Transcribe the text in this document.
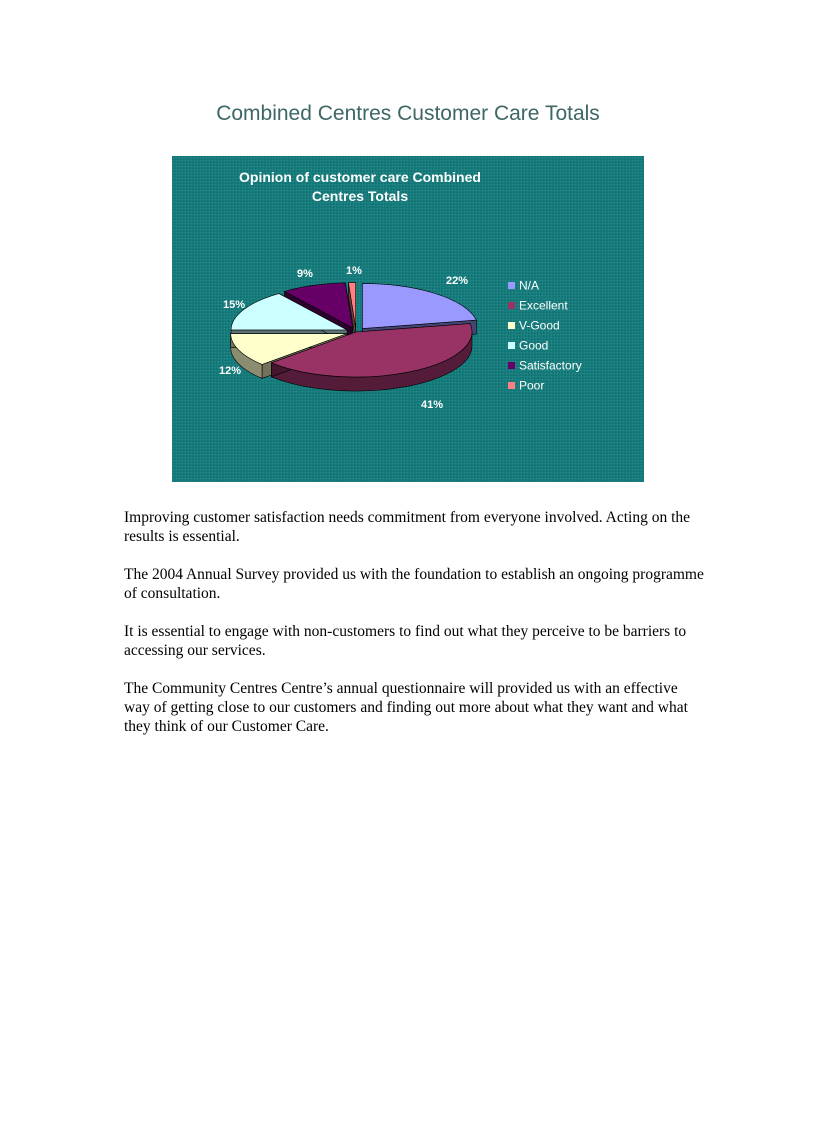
Combined Centres Customer Care Totals
Opinion of customer care Combined Centres Totals
22%
41%
12%
15%
9%	1%
N/A
Excellent
V-Good
Good
Satisfactory
Poor

Improving customer satisfaction needs commitment from everyone involved. Acting on the results is essential.

The 2004 Annual Survey provided us with the foundation to establish an ongoing programme of consultation.

It is essential to engage with non-customers to find out what they perceive to be barriers to accessing our services.

The Community Centres Centre’s annual questionnaire will provided us with an effective way of getting close to our customers and finding out more about what they want and what they think of our Customer Care.
